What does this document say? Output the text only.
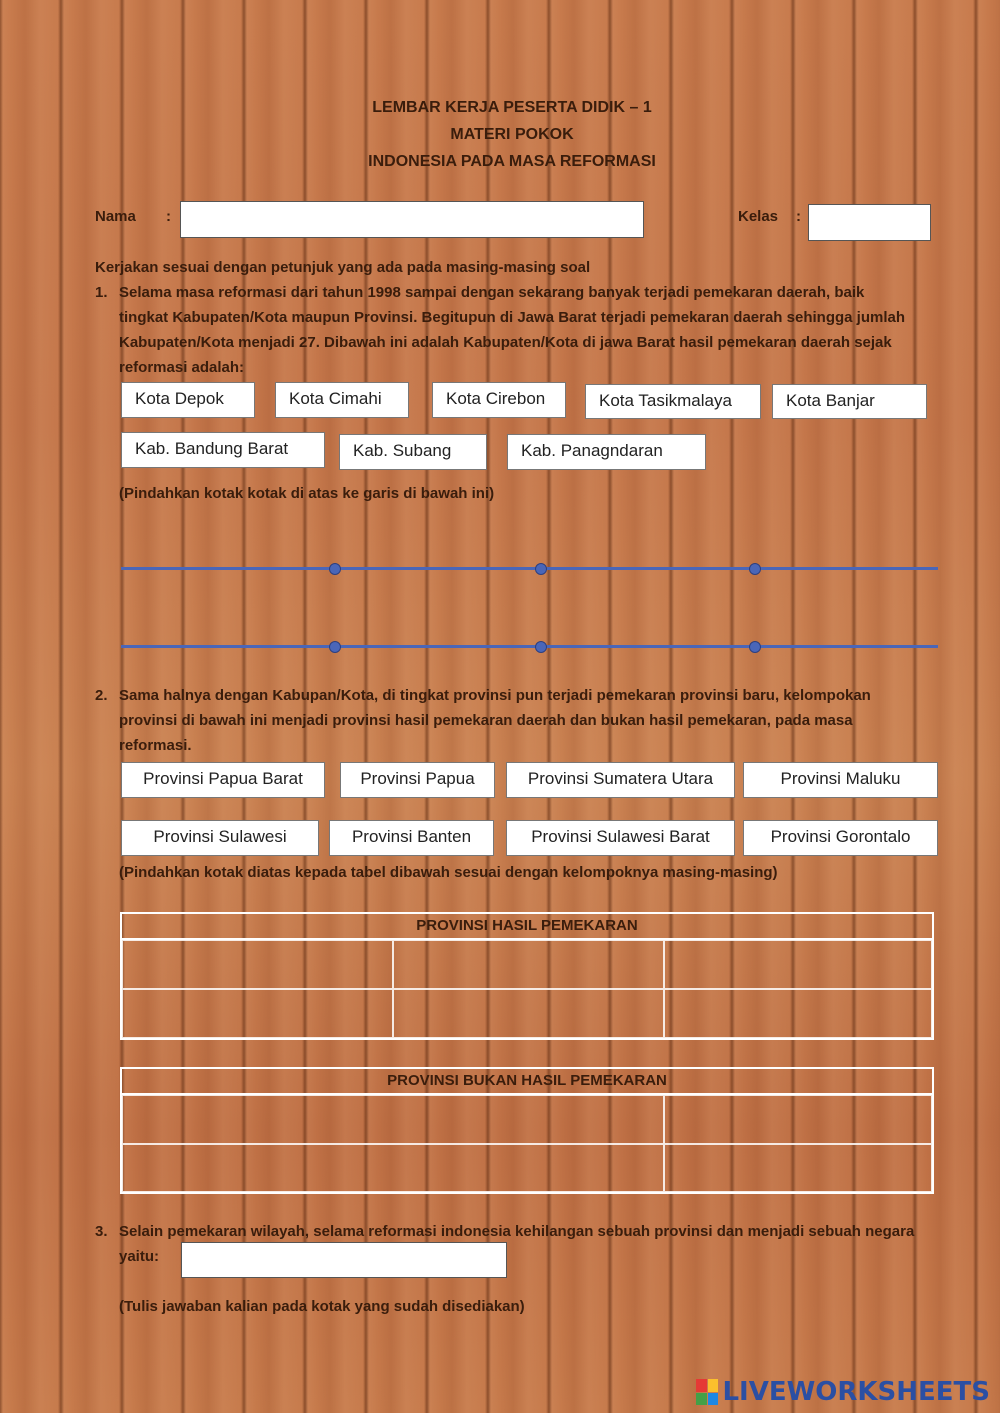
LEMBAR KERJA PESERTA DIDIK – 1
MATERI POKOK
INDONESIA PADA MASA REFORMASI
Nama :	Kelas :
Kerjakan sesuai dengan petunjuk yang ada pada masing-masing soal
1. Selama masa reformasi dari tahun 1998 sampai dengan sekarang banyak terjadi pemekaran daerah, baik
tingkat Kabupaten/Kota maupun Provinsi. Begitupun di Jawa Barat terjadi pemekaran daerah sehingga jumlah
Kabupaten/Kota menjadi 27. Dibawah ini adalah Kabupaten/Kota di jawa Barat hasil pemekaran daerah sejak
reformasi adalah:
Kota Depok	Kota Cimahi	Kota Cirebon	Kota Tasikmalaya	Kota Banjar
Kab. Bandung Barat	Kab. Subang	Kab. Panagndaran
(Pindahkan kotak kotak di atas ke garis di bawah ini)
2. Sama halnya dengan Kabupan/Kota, di tingkat provinsi pun terjadi pemekaran provinsi baru, kelompokan
provinsi di bawah ini menjadi provinsi hasil pemekaran daerah dan bukan hasil pemekaran, pada masa
reformasi.
Provinsi Papua Barat	Provinsi Papua	Provinsi Sumatera Utara	Provinsi Maluku
Provinsi Sulawesi	Provinsi Banten	Provinsi Sulawesi Barat	Provinsi Gorontalo
(Pindahkan kotak diatas kepada tabel dibawah sesuai dengan kelompoknya masing-masing)
PROVINSI HASIL PEMEKARAN
PROVINSI BUKAN HASIL PEMEKARAN
3. Selain pemekaran wilayah, selama reformasi indonesia kehilangan sebuah provinsi dan menjadi sebuah negara
yaitu:
(Tulis jawaban kalian pada kotak yang sudah disediakan)
LIVEWORKSHEETS
